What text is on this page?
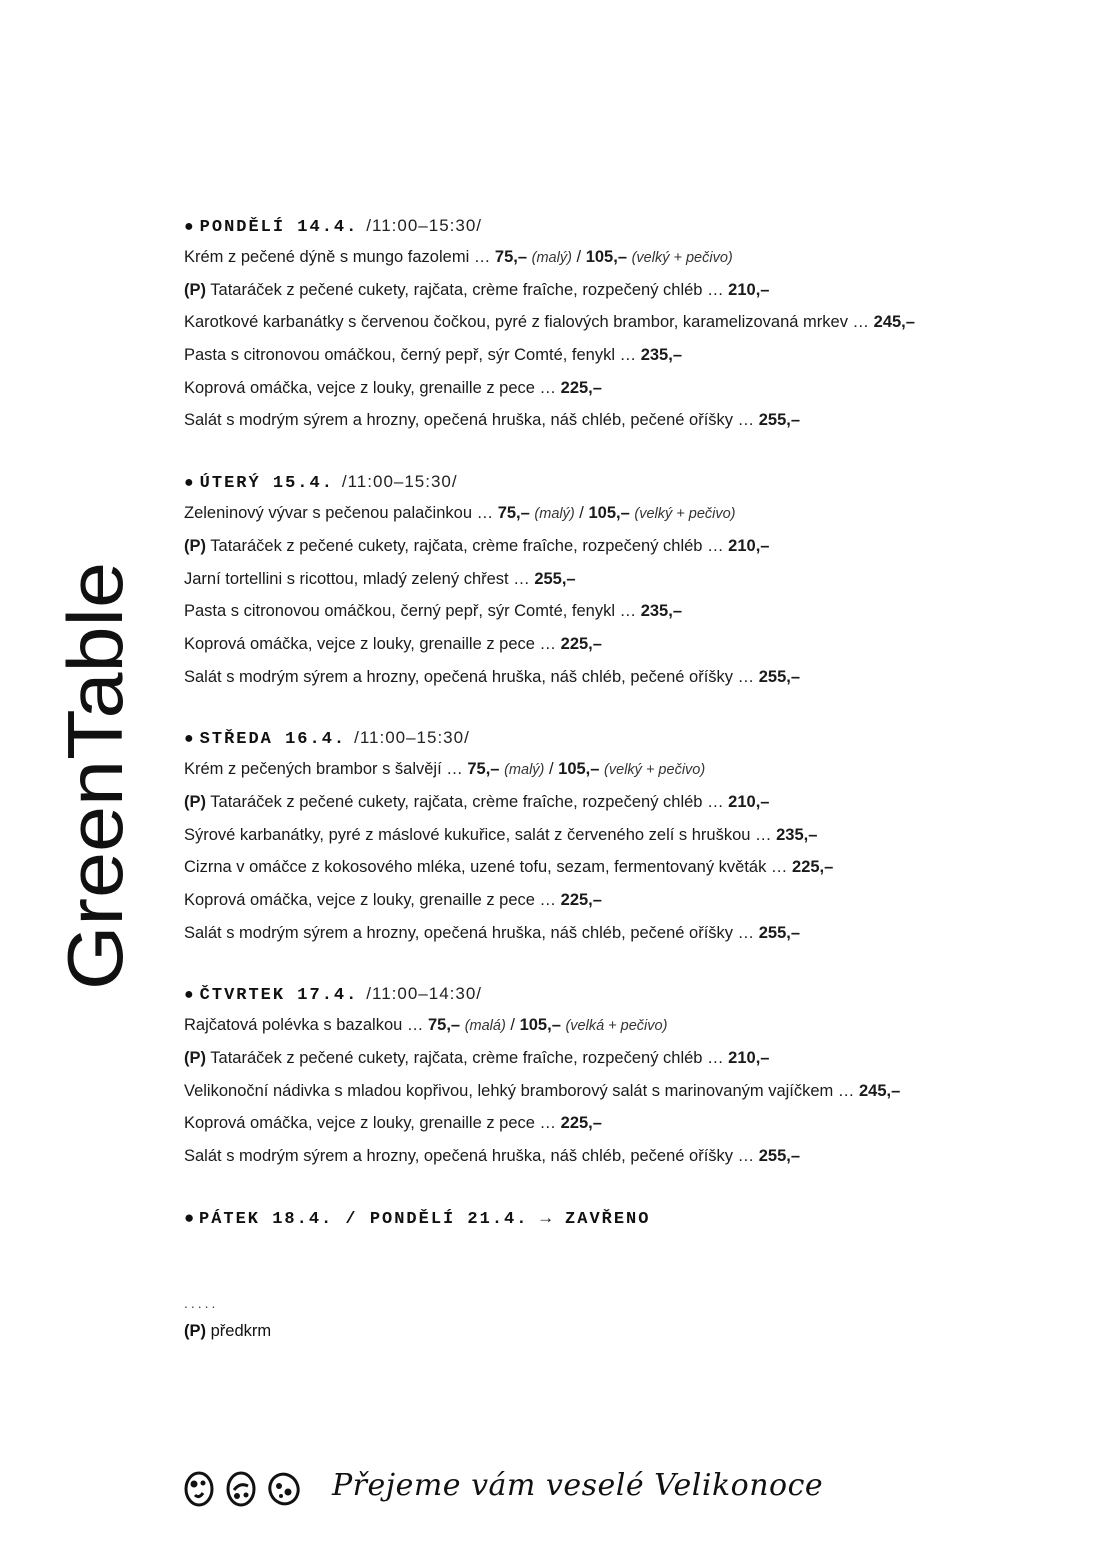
GreenTable
● PONDĚLÍ 14.4. /11:00–15:30/
Krém z pečené dýně s mungo fazolemi … 75,– (malý) / 105,– (velký + pečivo)
(P) Tataráček z pečené cukety, rajčata, crème fraîche, rozpečený chléb … 210,–
Karotkové karbanátky s červenou čočkou, pyré z fialových brambor, karamelizovaná mrkev … 245,–
Pasta s citronovou omáčkou, černý pepř, sýr Comté, fenykl … 235,–
Koprová omáčka, vejce z louky, grenaille z pece … 225,–
Salát s modrým sýrem a hrozny, opečená hruška, náš chléb, pečené oříšky … 255,–
● ÚTERÝ 15.4. /11:00–15:30/
Zeleninový vývar s pečenou palačinkou … 75,– (malý) / 105,– (velký + pečivo)
(P) Tataráček z pečené cukety, rajčata, crème fraîche, rozpečený chléb … 210,–
Jarní tortellini s ricottou, mladý zelený chřest … 255,–
Pasta s citronovou omáčkou, černý pepř, sýr Comté, fenykl … 235,–
Koprová omáčka, vejce z louky, grenaille z pece … 225,–
Salát s modrým sýrem a hrozny, opečená hruška, náš chléb, pečené oříšky … 255,–
● STŘEDA 16.4. /11:00–15:30/
Krém z pečených brambor s šalvějí … 75,– (malý) / 105,– (velký + pečivo)
(P) Tataráček z pečené cukety, rajčata, crème fraîche, rozpečený chléb … 210,–
Sýrové karbanátky, pyré z máslové kukuřice, salát z červeného zelí s hruškou … 235,–
Cizrna v omáčce z kokosového mléka, uzené tofu, sezam, fermentovaný květák … 225,–
Koprová omáčka, vejce z louky, grenaille z pece … 225,–
Salát s modrým sýrem a hrozny, opečená hruška, náš chléb, pečené oříšky … 255,–
● ČTVRTEK 17.4. /11:00–14:30/
Rajčatová polévka s bazalkou … 75,– (malá) / 105,– (velká + pečivo)
(P) Tataráček z pečené cukety, rajčata, crème fraîche, rozpečený chléb … 210,–
Velikonoční nádivka s mladou kopřivou, lehký bramborový salát s marinovaným vajíčkem … 245,–
Koprová omáčka, vejce z louky, grenaille z pece … 225,–
Salát s modrým sýrem a hrozny, opečená hruška, náš chléb, pečené oříšky … 255,–
● PÁTEK 18.4. / PONDĚLÍ 21.4. → ZAVŘENO
.....
(P) předkrm
Přejeme vám veselé Velikonoce
